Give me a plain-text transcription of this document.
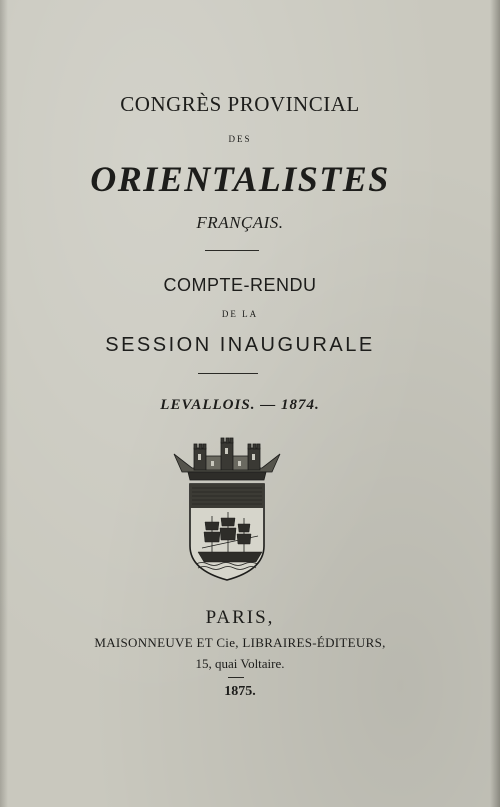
CONGRÈS PROVINCIAL
DES
ORIENTALISTES
FRANÇAIS.
COMPTE-RENDU
DE LA
SESSION INAUGURALE
LEVALLOIS. — 1874.
PARIS,
MAISONNEUVE ET Cie, LIBRAIRES-ÉDITEURS,
15, quai Voltaire.
1875.
